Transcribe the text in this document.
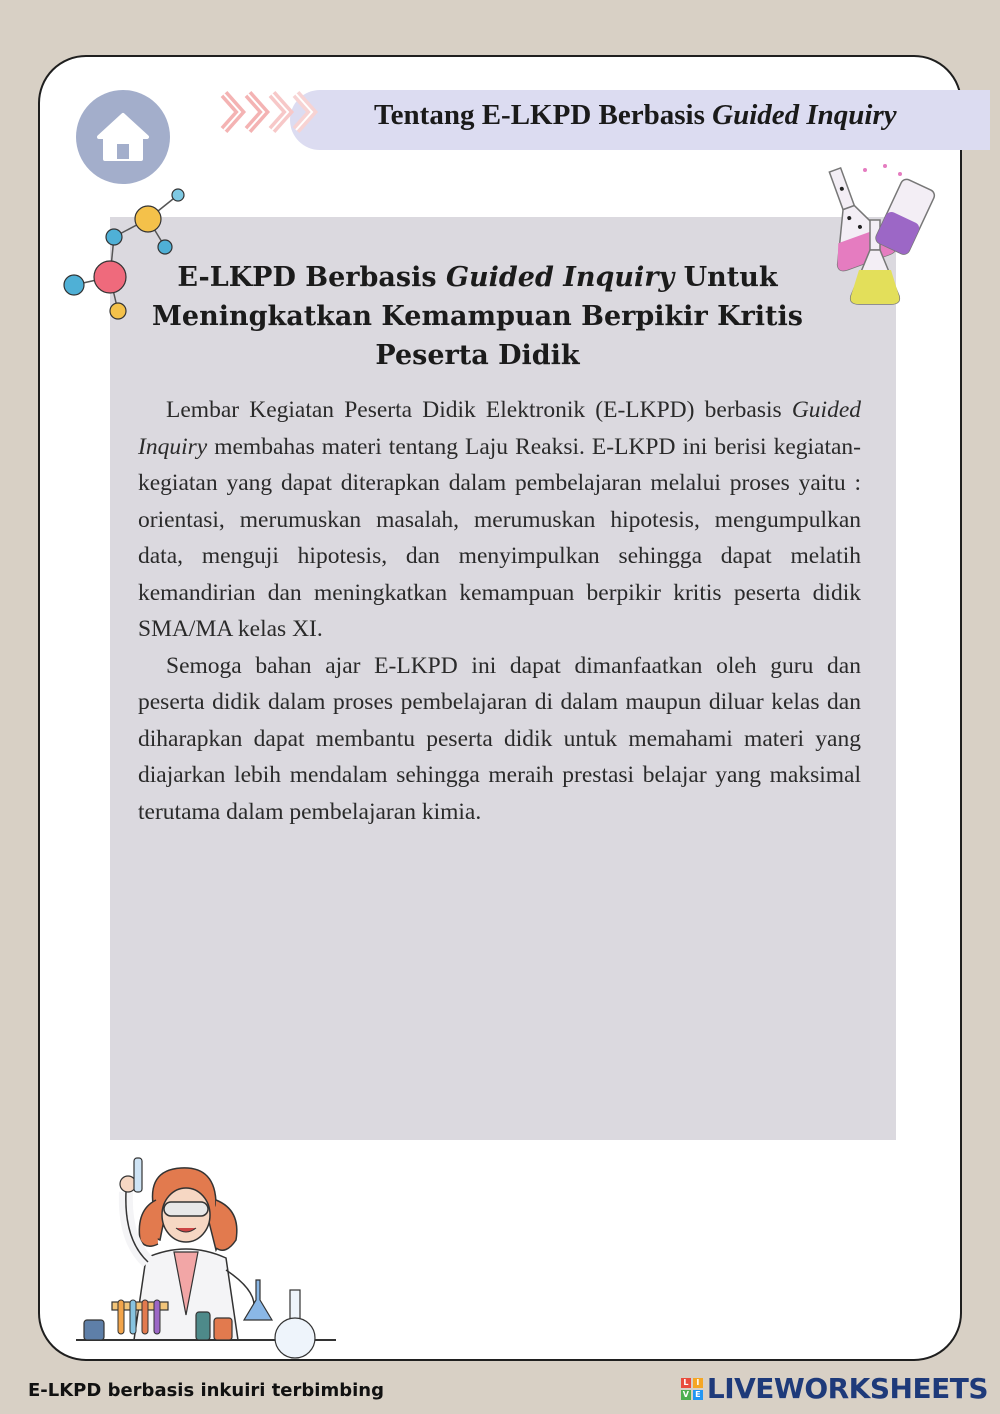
Tentang E-LKPD Berbasis Guided Inquiry
E-LKPD Berbasis Guided Inquiry Untuk Meningkatkan Kemampuan Berpikir Kritis Peserta Didik

Lembar Kegiatan Peserta Didik Elektronik (E-LKPD) berbasis Guided Inquiry membahas materi tentang Laju Reaksi. E-LKPD ini berisi kegiatan-kegiatan yang dapat diterapkan dalam pembelajaran melalui proses yaitu : orientasi, merumuskan masalah, merumuskan hipotesis, mengumpulkan data, menguji hipotesis, dan menyimpulkan sehingga dapat melatih kemandirian dan meningkatkan kemampuan berpikir kritis peserta didik SMA/MA kelas XI.

Semoga bahan ajar E-LKPD ini dapat dimanfaatkan oleh guru dan peserta didik dalam proses pembelajaran di dalam maupun diluar kelas dan diharapkan dapat membantu peserta didik untuk memahami materi yang diajarkan lebih mendalam sehingga meraih prestasi belajar yang maksimal terutama dalam pembelajaran kimia.

E-LKPD berbasis inkuiri terbimbing	L I
V E LIVEWORKSHEETS
